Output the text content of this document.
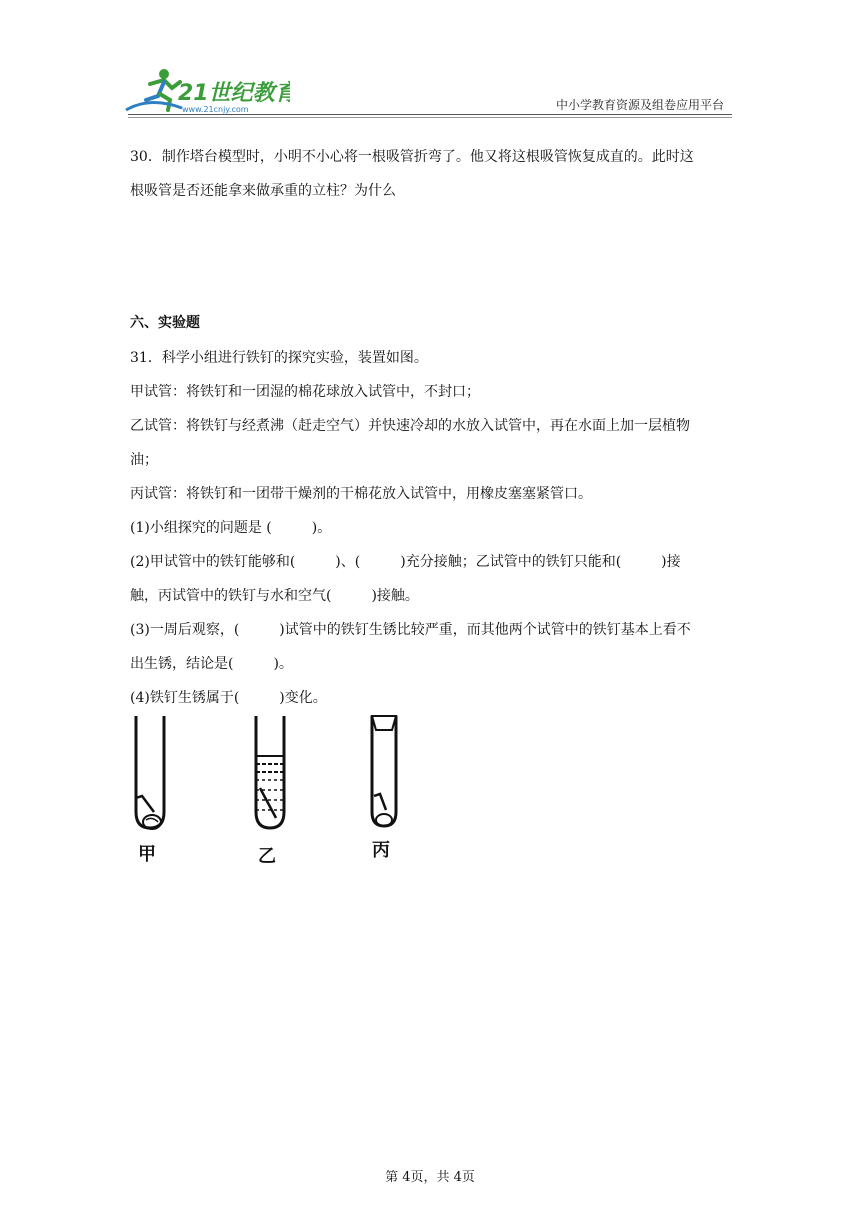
21世纪教育
www.21cnjy.com	中小学教育资源及组卷应用平台

30．制作塔台模型时，小明不小心将一根吸管折弯了。他又将这根吸管恢复成直的。此时这

根吸管是否还能拿来做承重的立柱？为什么

六、实验题

31．科学小组进行铁钉的探究实验，装置如图。

甲试管：将铁钉和一团湿的棉花球放入试管中，不封口；

乙试管：将铁钉与经煮沸（赶走空气）并快速冷却的水放入试管中，再在水面上加一层植物

油；

丙试管：将铁钉和一团带干燥剂的干棉花放入试管中，用橡皮塞塞紧管口。

(1)小组探究的问题是 (	)。

(2)甲试管中的铁钉能够和(	)、(	)充分接触；乙试管中的铁钉只能和(	)接

触，丙试管中的铁钉与水和空气(	)接触。

(3)一周后观察，(	)试管中的铁钉生锈比较严重，而其他两个试管中的铁钉基本上看不

出生锈，结论是(	)。

(4)铁钉生锈属于(	)变化。

甲	乙	丙
第 4页，共 4页
